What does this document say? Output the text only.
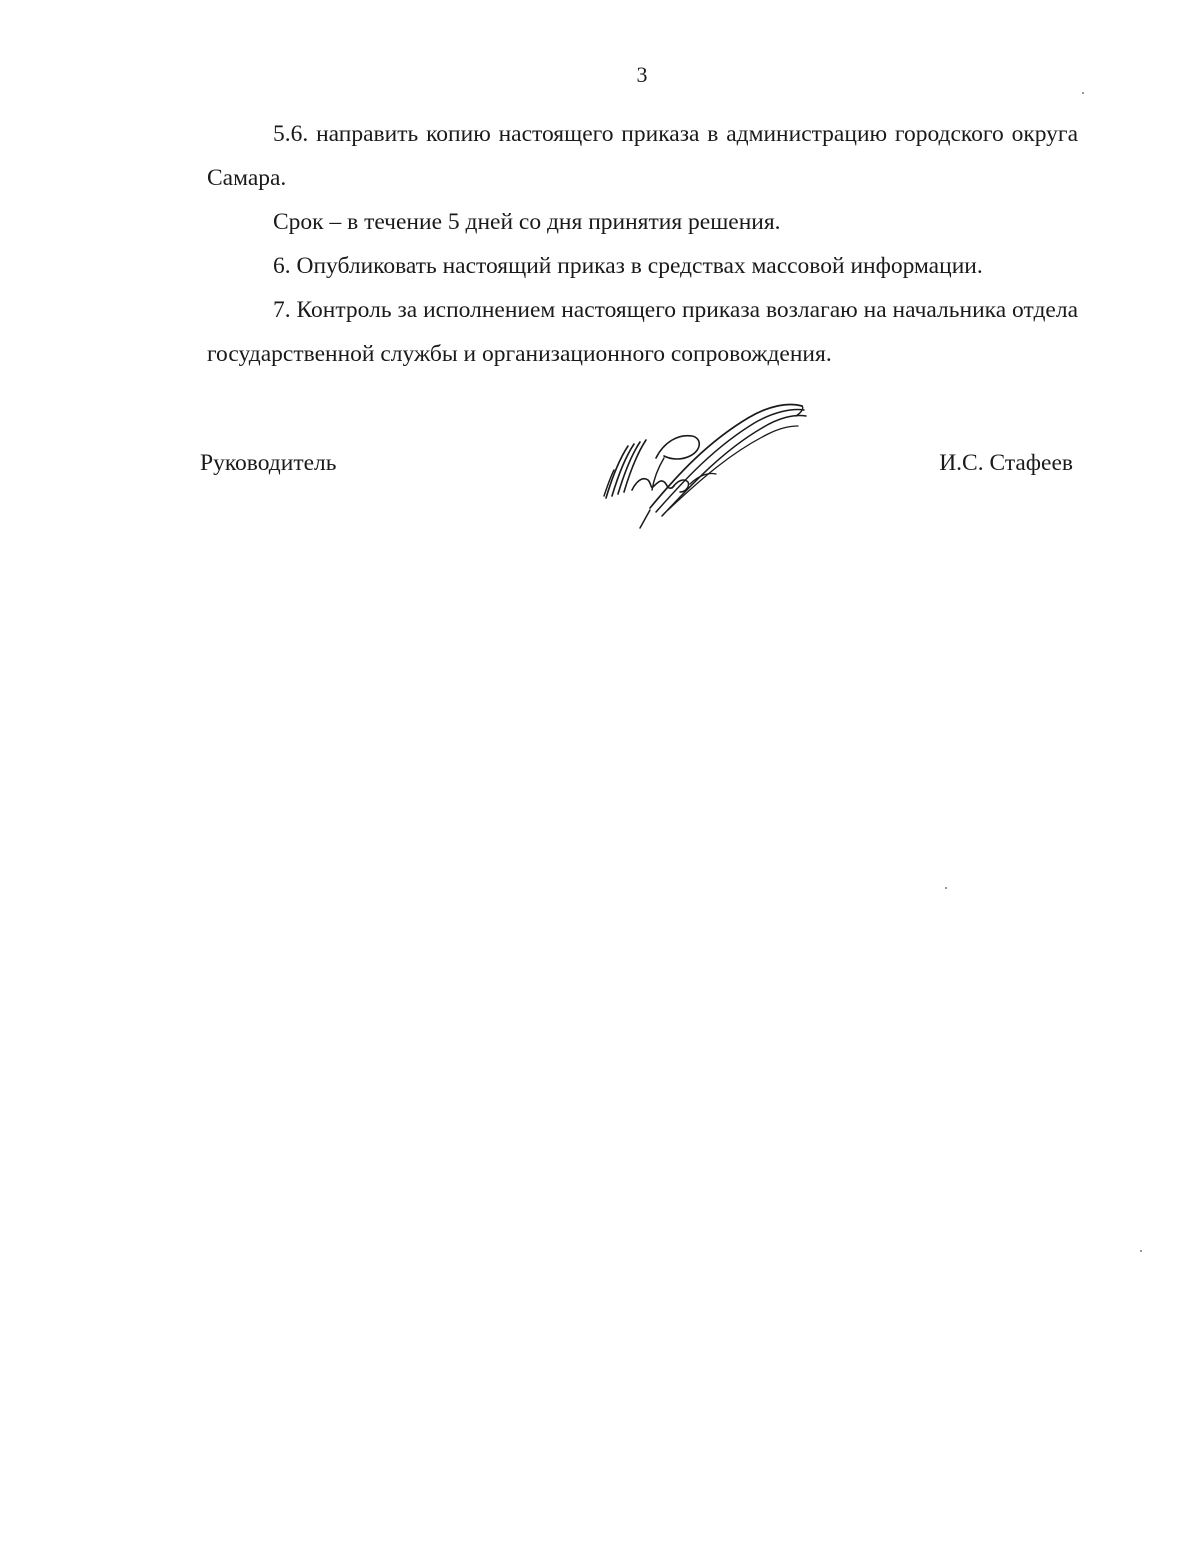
3

5.6. направить копию настоящего приказа в администрацию городского округа Самара.

Срок – в течение 5 дней со дня принятия решения.

6. Опубликовать настоящий приказ в средствах массовой информации.

7. Контроль за исполнением настоящего приказа возлагаю на начальника отдела государственной службы и организационного сопровождения.

Руководитель	И.С. Стафеев
